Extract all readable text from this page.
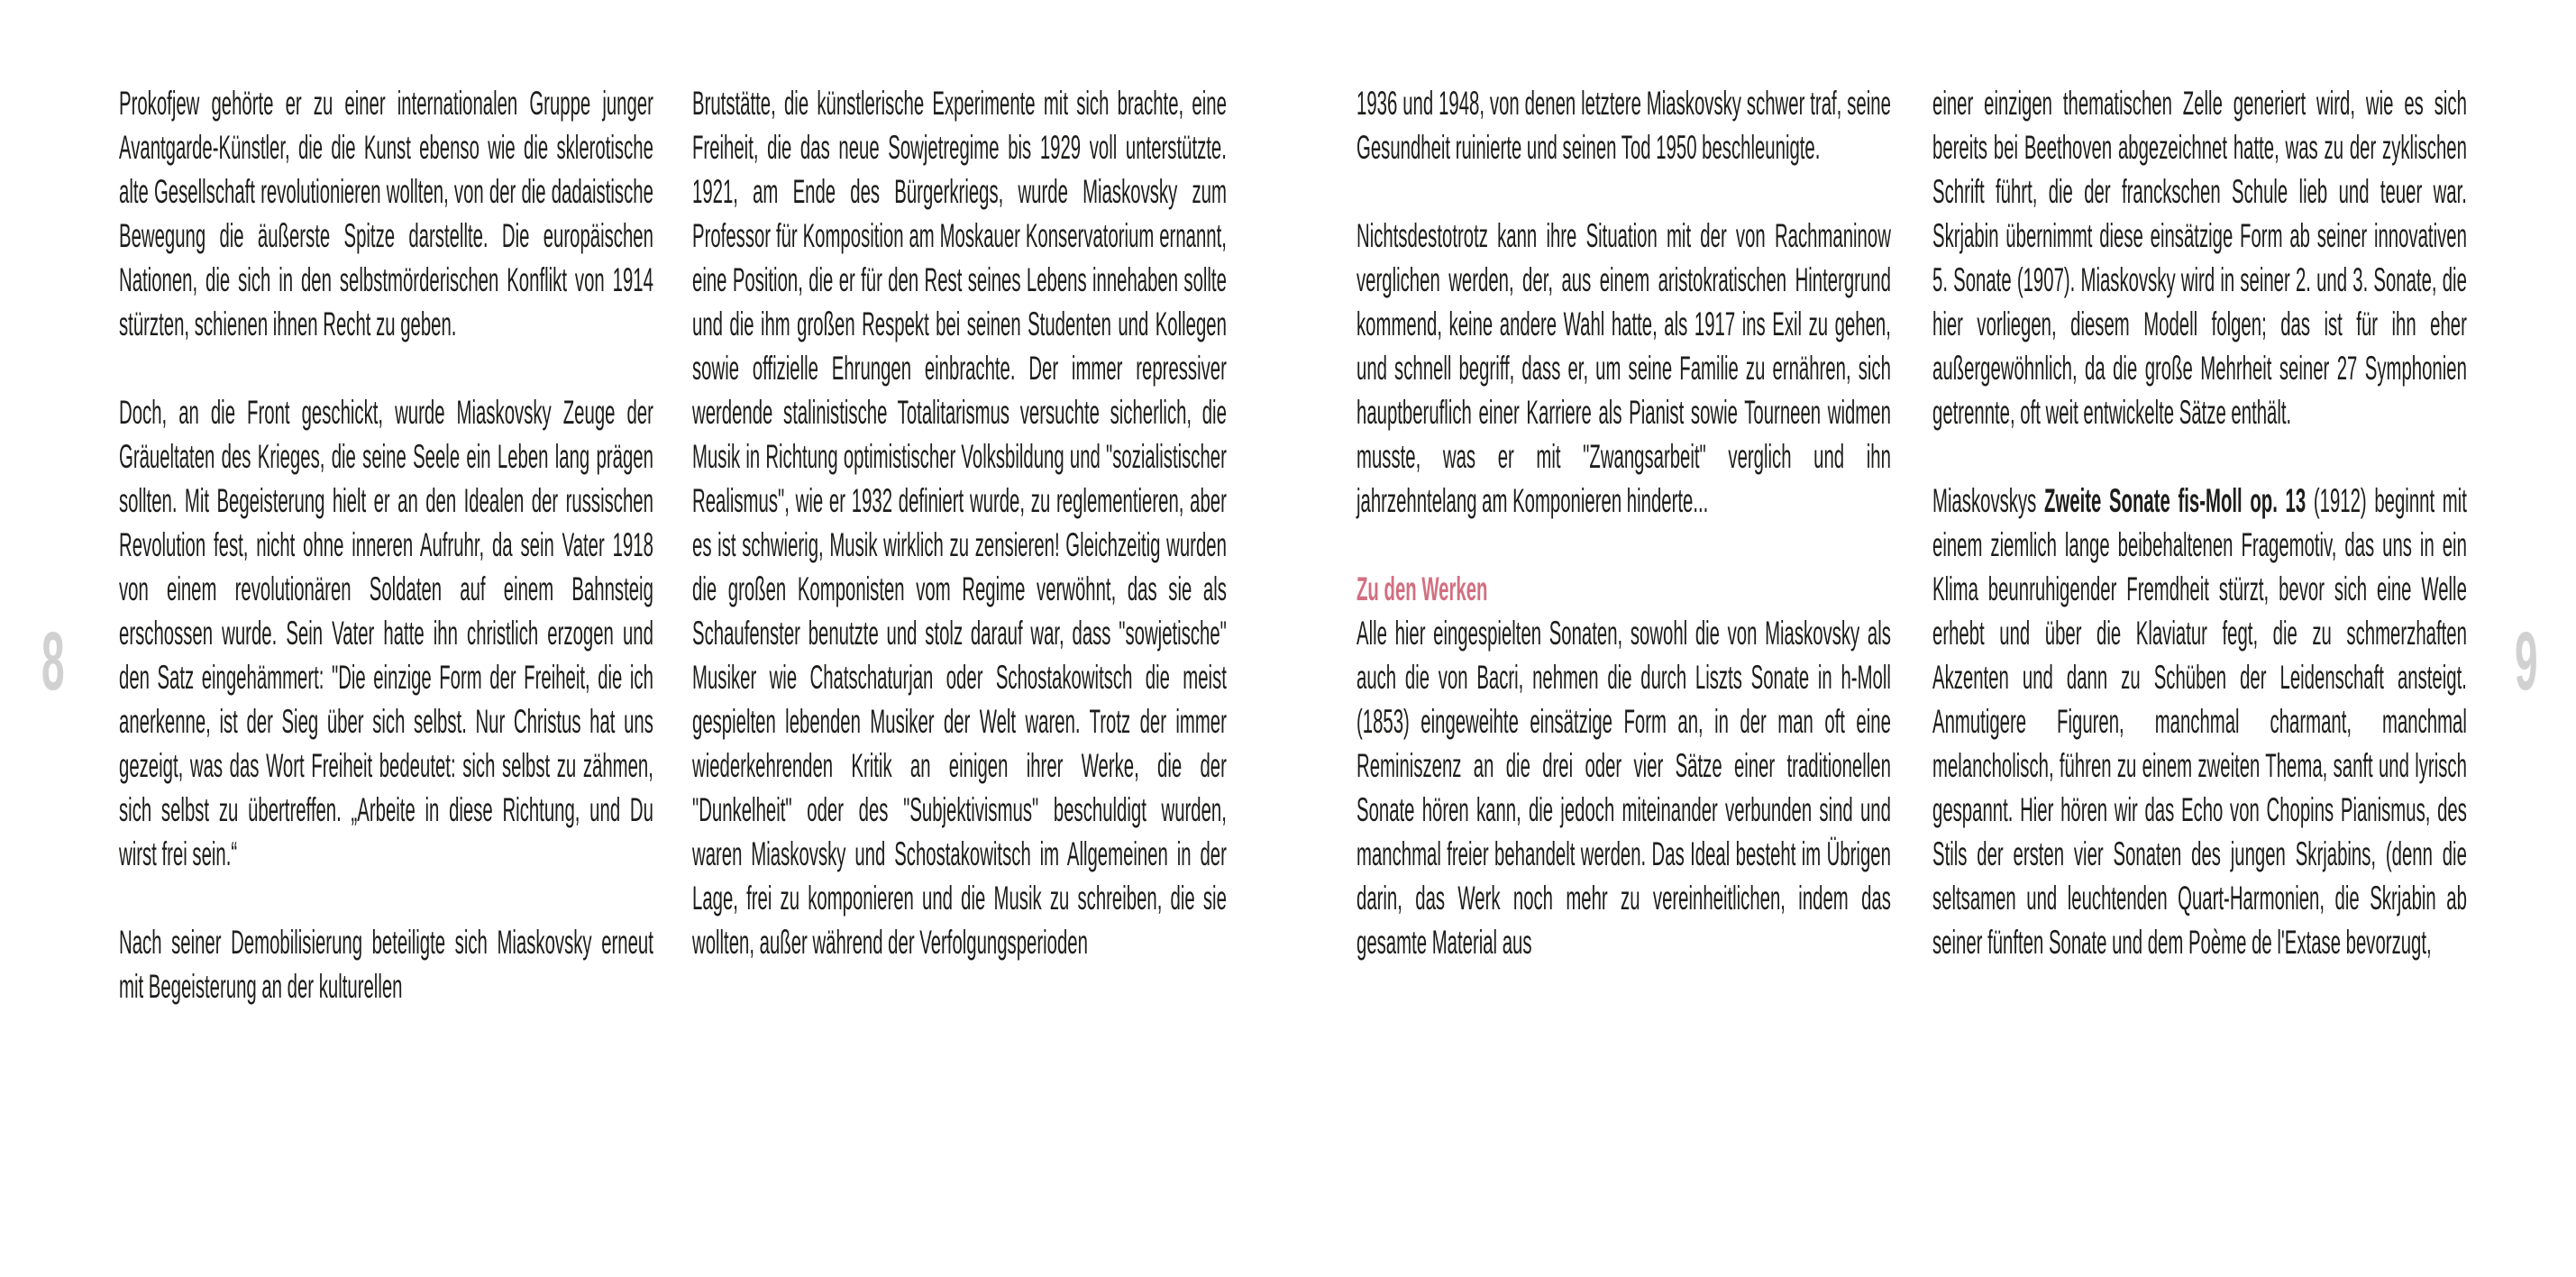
8

Prokofjew gehörte er zu einer internationalen Gruppe junger Avantgarde-Künstler, die die Kunst ebenso wie die sklerotische alte Gesellschaft revolutionieren wollten, von der die dadaistische Bewegung die äußerste Spitze darstellte. Die europäischen Nationen, die sich in den selbstmörderischen Konflikt von 1914 stürzten, schienen ihnen Recht zu geben.

Doch, an die Front geschickt, wurde Miaskovsky Zeuge der Gräueltaten des Krieges, die seine Seele ein Leben lang prägen sollten. Mit Begeisterung hielt er an den Idealen der russischen Revolution fest, nicht ohne inneren Aufruhr, da sein Vater 1918 von einem revolutionären Soldaten auf einem Bahnsteig erschossen wurde. Sein Vater hatte ihn christlich erzogen und den Satz eingehämmert: "Die einzige Form der Freiheit, die ich anerkenne, ist der Sieg über sich selbst. Nur Christus hat uns gezeigt, was das Wort Freiheit bedeutet: sich selbst zu zähmen, sich selbst zu übertreffen. „Arbeite in diese Richtung, und Du wirst frei sein.“

Nach seiner Demobilisierung beteiligte sich Miaskovsky erneut mit Begeisterung an der kulturellen

Brutstätte, die künstlerische Experimente mit sich brachte, eine Freiheit, die das neue Sowjetregime bis 1929 voll unterstützte. 1921, am Ende des Bürgerkriegs, wurde Miaskovsky zum Professor für Komposition am Moskauer Konservatorium ernannt, eine Position, die er für den Rest seines Lebens innehaben sollte und die ihm großen Respekt bei seinen Studenten und Kollegen sowie offizielle Ehrungen einbrachte. Der immer repressiver werdende stalinistische Totalitarismus versuchte sicherlich, die Musik in Richtung optimistischer Volksbildung und "sozialistischer Realismus", wie er 1932 definiert wurde, zu reglementieren, aber es ist schwierig, Musik wirklich zu zensieren! Gleichzeitig wurden die großen Komponisten vom Regime verwöhnt, das sie als Schaufenster benutzte und stolz darauf war, dass "sowjetische" Musiker wie Chatschaturjan oder Schostakowitsch die meist gespielten lebenden Musiker der Welt waren. Trotz der immer wiederkehrenden Kritik an einigen ihrer Werke, die der "Dunkelheit" oder des "Subjektivismus" beschuldigt wurden, waren Miaskovsky und Schostakowitsch im Allgemeinen in der Lage, frei zu komponieren und die Musik zu schreiben, die sie wollten, außer während der Verfolgungsperioden

1936 und 1948, von denen letztere Miaskovsky schwer traf, seine Gesundheit ruinierte und seinen Tod 1950 beschleunigte.

Nichtsdestotrotz kann ihre Situation mit der von Rachmaninow verglichen werden, der, aus einem aristokratischen Hintergrund kommend, keine andere Wahl hatte, als 1917 ins Exil zu gehen, und schnell begriff, dass er, um seine Familie zu ernähren, sich hauptberuflich einer Karriere als Pianist sowie Tourneen widmen musste, was er mit "Zwangsarbeit" verglich und ihn jahrzehntelang am Komponieren hinderte...

Zu den Werken

Alle hier eingespielten Sonaten, sowohl die von Miaskovsky als auch die von Bacri, nehmen die durch Liszts Sonate in h-Moll (1853) eingeweihte einsätzige Form an, in der man oft eine Reminiszenz an die drei oder vier Sätze einer traditionellen Sonate hören kann, die jedoch miteinander verbunden sind und manchmal freier behandelt werden. Das Ideal besteht im Übrigen darin, das Werk noch mehr zu vereinheitlichen, indem das gesamte Material aus

einer einzigen thematischen Zelle generiert wird, wie es sich bereits bei Beethoven abgezeichnet hatte, was zu der zyklischen Schrift führt, die der franckschen Schule lieb und teuer war. Skrjabin übernimmt diese einsätzige Form ab seiner innovativen 5. Sonate (1907). Miaskovsky wird in seiner 2. und 3. Sonate, die hier vorliegen, diesem Modell folgen; das ist für ihn eher außergewöhnlich, da die große Mehrheit seiner 27 Symphonien getrennte, oft weit entwickelte Sätze enthält.

Miaskovskys Zweite Sonate fis-Moll op. 13 (1912) beginnt mit einem ziemlich lange beibehaltenen Fragemotiv, das uns in ein Klima beunruhigender Fremdheit stürzt, bevor sich eine Welle erhebt und über die Klaviatur fegt, die zu schmerzhaften Akzenten und dann zu Schüben der Leidenschaft ansteigt. Anmutigere Figuren, manchmal charmant, manchmal melancholisch, führen zu einem zweiten Thema, sanft und lyrisch gespannt. Hier hören wir das Echo von Chopins Pianismus, des Stils der ersten vier Sonaten des jungen Skrjabins, (denn die seltsamen und leuchtenden Quart-Harmonien, die Skrjabin ab seiner fünften Sonate und dem Poème de l'Extase bevorzugt,

9
